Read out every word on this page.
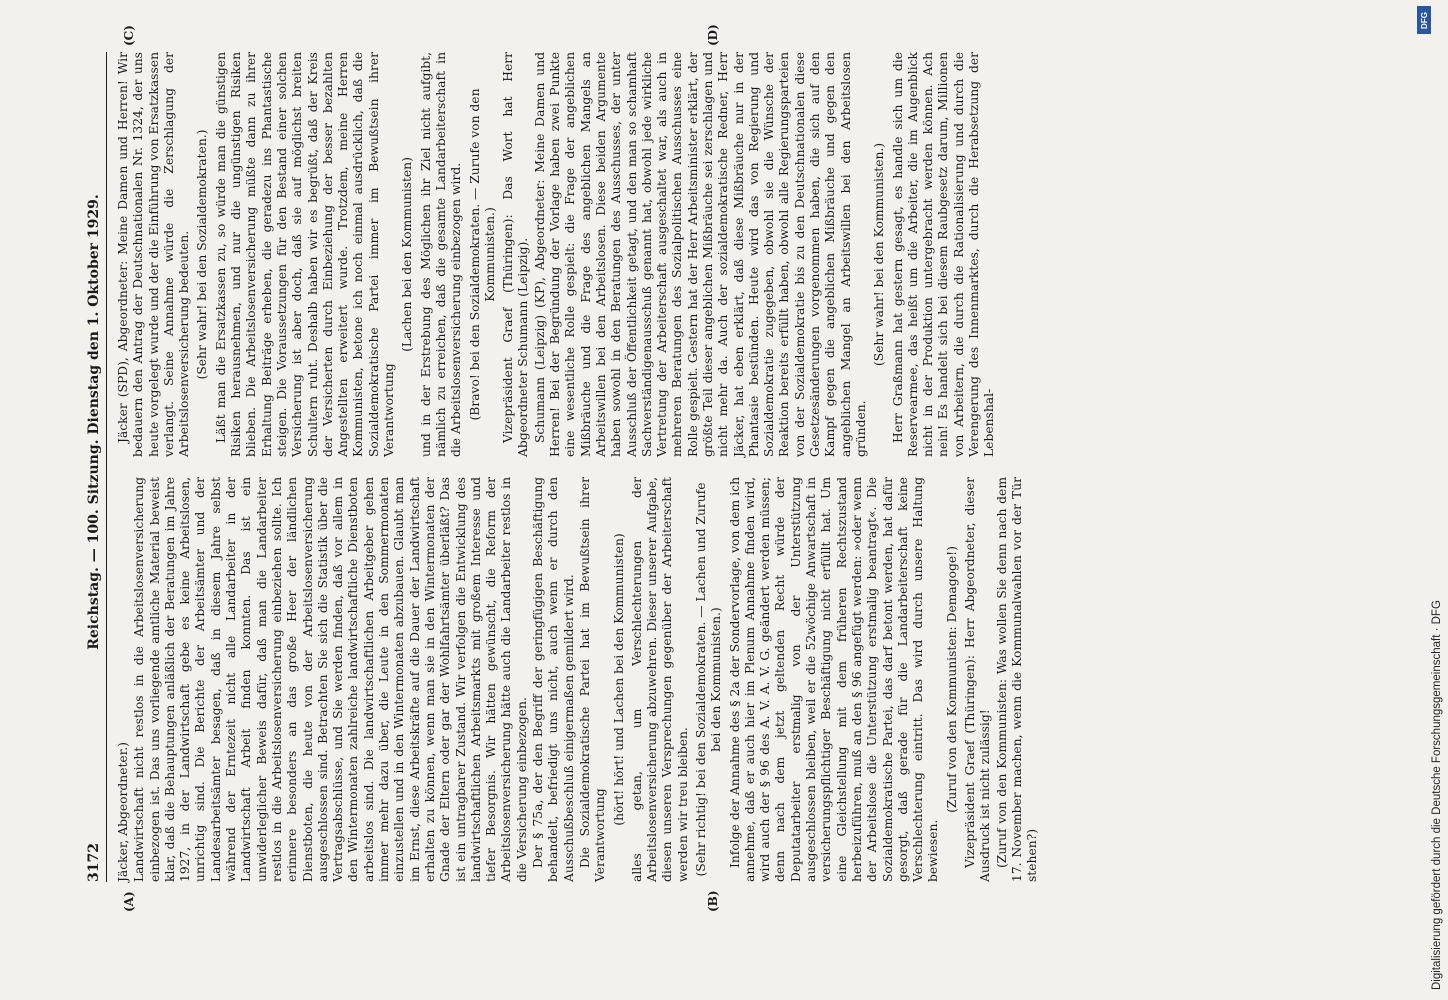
3172
Reichstag. — 100. Sitzung. Dienstag den 1. Oktober 1929.
(A)	(B)
(C)	(D)

Jäcker, Abgeordneter.) Landwirtschaft nicht restlos in die Arbeitslosenversicherung einbezogen ist. Das uns vorliegende amtliche Material beweist klar, daß die Behauptungen anläßlich der Beratungen im Jahre 1927, in der Landwirtschaft gebe es keine Arbeitslosen, unrichtig sind. Die Berichte der Arbeitsämter und der Landesarbeitsämter besagen, daß in diesem Jahre selbst während der Erntezeit nicht alle Landarbeiter in der Landwirtschaft Arbeit finden konnten. Das ist ein unwiderleglicher Beweis dafür, daß man die Landarbeiter restlos in die Arbeitslosenversicherung einbeziehen sollte. Ich erinnere besonders an das große Heer der ländlichen Dienstboten, die heute von der Arbeitslosenversicherung ausgeschlossen sind. Betrachten Sie sich die Statistik über die Vertragsabschlüsse, und Sie werden finden, daß vor allem in den Wintermonaten zahlreiche landwirtschaftliche Dienstboten arbeitslos sind. Die landwirtschaftlichen Arbeitgeber gehen immer mehr dazu über, die Leute in den Sommermonaten einzustellen und in den Wintermonaten abzubauen. Glaubt man im Ernst, diese Arbeitskräfte auf die Dauer der Landwirtschaft erhalten zu können, wenn man sie in den Wintermonaten der Gnade der Eltern oder gar der Wohlfahrtsämter überläßt? Das ist ein untragbarer Zustand. Wir verfolgen die Entwicklung des landwirtschaftlichen Arbeitsmarkts mit großem Interesse und tiefer Besorgnis. Wir hätten gewünscht, die Reform der Arbeitslosenversicherung hätte auch die Landarbeiter restlos in die Versicherung einbezogen. Der § 75a, der den Begriff der geringfügigen Beschäftigung behandelt, befriedigt uns nicht, auch wenn er durch den Ausschußbeschluß einigermaßen gemildert wird. Die Sozialdemokratische Partei hat im Bewußtsein ihrer Verantwortung

(hört! hört! und Lachen bei den Kommunisten) alles getan, um Verschlechterungen der Arbeitslosenversicherung abzuwehren. Dieser unserer Aufgabe, diesen unseren Versprechungen gegenüber der Arbeiterschaft werden wir treu bleiben. (Sehr richtig! bei den Sozialdemokraten. — Lachen und Zurufe bei den Kommunisten.) Infolge der Annahme des § 2a der Sondervorlage, von dem ich annehme, daß er auch hier im Plenum Annahme finden wird, wird auch der § 96 des A. V. A. V. G. geändert werden müssen; denn nach dem jetzt geltenden Recht würde der Deputatarbeiter erstmalig von der Unterstützung ausgeschlossen bleiben, weil er die 52wöchige Anwartschaft in versicherungspflichtiger Beschäftigung nicht erfüllt hat. Um eine Gleichstellung mit dem früheren Rechtszustand herbeizuführen, muß an den § 96 angefügt werden: »oder wenn der Arbeitslose die Unterstützung erstmalig beantragt«. Die Sozialdemokratische Partei, das darf betont werden, hat dafür gesorgt, daß gerade für die Landarbeiterschaft keine Verschlechterung eintritt. Das wird durch unsere Haltung bewiesen.

(Zuruf von den Kommunisten: Demagoge!) Vizepräsident Graef (Thüringen): Herr Abgeordneter, dieser Ausdruck ist nicht zulässig! (Zuruf von den Kommunisten: Was wollen Sie denn nach dem 17. November machen, wenn die Kommunalwahlen vor der Tür stehen?)

Jäcker (SPD), Abgeordneter: Meine Damen und Herren! Wir bedauern den Antrag der Deutschnationalen Nr. 1324, der uns heute vorgelegt wurde und der die Einführung von Ersatzkassen verlangt. Seine Annahme würde die Zerschlagung der Arbeitslosenversicherung bedeuten. (Sehr wahr! bei den Sozialdemokraten.) Läßt man die Ersatzkassen zu, so würde man die günstigen Risiken herausnehmen, und nur die ungünstigen Risiken blieben. Die Arbeitslosenversicherung müßte dann zu ihrer Erhaltung Beiträge erheben, die geradezu ins Phantastische steigen. Die Voraussetzungen für den Bestand einer solchen Versicherung ist aber doch, daß sie auf möglichst breiten Schultern ruht. Deshalb haben wir es begrüßt, daß der Kreis der Versicherten durch Einbeziehung der besser bezahlten Angestellten erweitert wurde. Trotzdem, meine Herren Kommunisten, betone ich noch einmal ausdrücklich, daß die Sozialdemokratische Partei immer im Bewußtsein ihrer Verantwortung

(Lachen bei den Kommunisten) und in der Erstrebung des Möglichen ihr Ziel nicht aufgibt, nämlich zu erreichen, daß die gesamte Landarbeiterschaft in die Arbeitslosenversicherung einbezogen wird. (Bravo! bei den Sozialdemokraten. — Zurufe von den Kommunisten.) Vizepräsident Graef (Thüringen): Das Wort hat Herr Abgeordneter Schumann (Leipzig). Schumann (Leipzig) (KP), Abgeordneter: Meine Damen und Herren! Bei der Begründung der Vorlage haben zwei Punkte eine wesentliche Rolle gespielt: die Frage der angeblichen Mißbräuche und die Frage des angeblichen Mangels an Arbeitswillen bei den Arbeitslosen. Diese beiden Argumente haben sowohl in den Beratungen des Ausschusses, der unter Ausschluß der Öffentlichkeit getagt, und den man so schamhaft Sachverständigenausschuß genannt hat, obwohl jede wirkliche Vertretung der Arbeiterschaft ausgeschaltet war, als auch in mehreren Beratungen des Sozialpolitischen Ausschusses eine Rolle gespielt. Gestern hat der Herr Arbeitsminister erklärt, der größte Teil dieser angeblichen Mißbräuche sei zerschlagen und nicht mehr da. Auch der sozialdemokratische Redner, Herr Jäcker, hat eben erklärt, daß diese Mißbräuche nur in der Phantasie bestünden. Heute wird das von Regierung und Sozialdemokratie zugegeben, obwohl sie die Wünsche der Reaktion bereits erfüllt haben, obwohl alle Regierungsparteien von der Sozialdemokratie bis zu den Deutschnationalen diese Gesetzesänderungen vorgenommen haben, die sich auf den Kampf gegen die angeblichen Mißbräuche und gegen den angeblichen Mangel an Arbeitswillen bei den Arbeitslosen gründen.

(Sehr wahr! bei den Kommunisten.) Herr Graßmann hat gestern gesagt, es handle sich um die Reservearmee, das heißt um die Arbeiter, die im Augenblick nicht in der Produktion untergebracht werden können. Ach nein! Es handelt sich bei diesem Raubgesetz darum, Millionen von Arbeitern, die durch die Rationalisierung und durch die Verengerung des Innenmarktes, durch die Herabsetzung der Lebenshal-

Digitalisierung gefördert durch die Deutsche Forschungsgemeinschaft · DFG
DFG
